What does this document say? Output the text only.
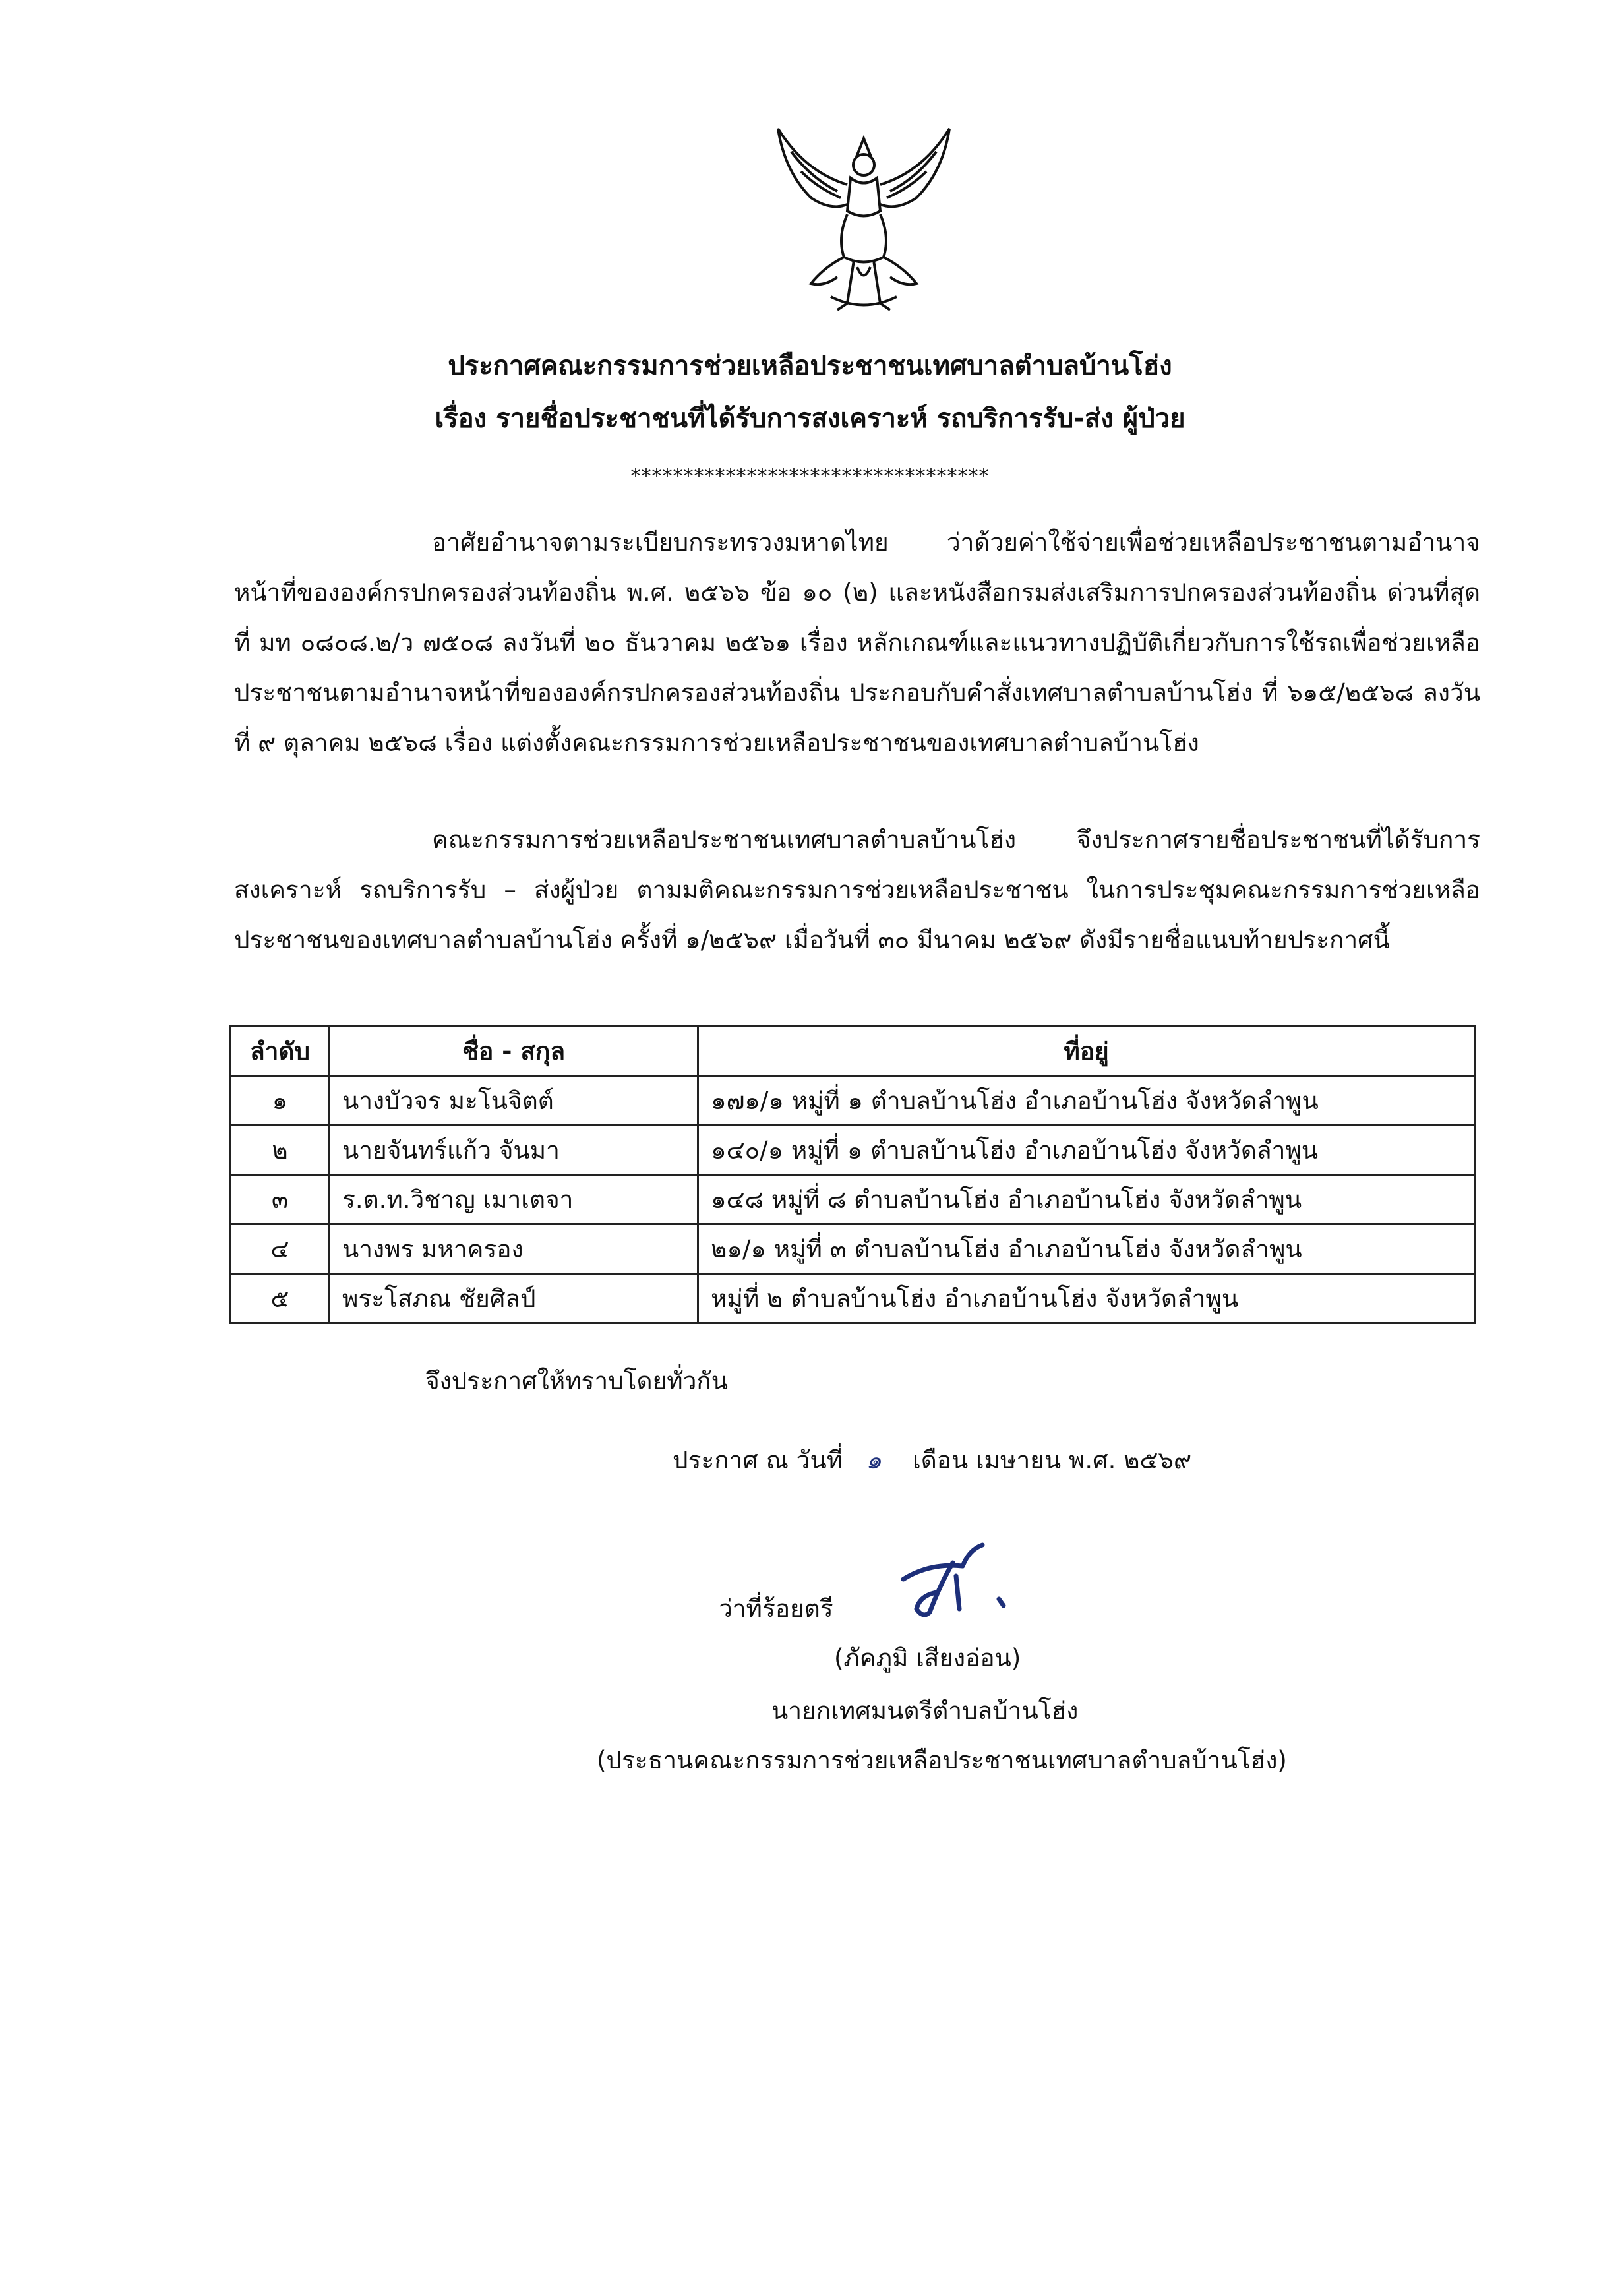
ประกาศคณะกรรมการช่วยเหลือประชาชนเทศบาลตำบลบ้านโฮ่ง
เรื่อง รายชื่อประชาชนที่ได้รับการสงเคราะห์ รถบริการรับ-ส่ง ผู้ป่วย
**********************************

อาศัยอำนาจตามระเบียบกระทรวงมหาดไทย ว่าด้วยค่าใช้จ่ายเพื่อช่วยเหลือประชาชนตามอำนาจหน้าที่ขององค์กรปกครองส่วนท้องถิ่น พ.ศ. ๒๕๖๖ ข้อ ๑๐ (๒) และหนังสือกรมส่งเสริมการปกครองส่วนท้องถิ่น ด่วนที่สุด ที่ มท ๐๘๐๘.๒/ว ๗๕๐๘ ลงวันที่ ๒๐ ธันวาคม ๒๕๖๑ เรื่อง หลักเกณฑ์และแนวทางปฏิบัติเกี่ยวกับการใช้รถเพื่อช่วยเหลือประชาชนตามอำนาจหน้าที่ขององค์กรปกครองส่วนท้องถิ่น ประกอบกับคำสั่งเทศบาลตำบลบ้านโฮ่ง ที่ ๖๑๕/๒๕๖๘ ลงวันที่ ๙ ตุลาคม ๒๕๖๘ เรื่อง แต่งตั้งคณะกรรมการช่วยเหลือประชาชนของเทศบาลตำบลบ้านโฮ่ง

คณะกรรมการช่วยเหลือประชาชนเทศบาลตำบลบ้านโฮ่ง จึงประกาศรายชื่อประชาชนที่ได้รับการสงเคราะห์ รถบริการรับ – ส่งผู้ป่วย ตามมติคณะกรรมการช่วยเหลือประชาชน ในการประชุมคณะกรรมการช่วยเหลือประชาชนของเทศบาลตำบลบ้านโฮ่ง ครั้งที่ ๑/๒๕๖๙ เมื่อวันที่ ๓๐ มีนาคม ๒๕๖๙ ดังมีรายชื่อแนบท้ายประกาศนี้

ลำดับ	ชื่อ - สกุล	ที่อยู่
๑	นางบัวจร มะโนจิตต์	๑๗๑/๑ หมู่ที่ ๑ ตำบลบ้านโฮ่ง อำเภอบ้านโฮ่ง จังหวัดลำพูน
๒	นายจันทร์แก้ว จันมา	๑๔๐/๑ หมู่ที่ ๑ ตำบลบ้านโฮ่ง อำเภอบ้านโฮ่ง จังหวัดลำพูน
๓	ร.ต.ท.วิชาญ เมาเตจา	๑๔๘ หมู่ที่ ๘ ตำบลบ้านโฮ่ง อำเภอบ้านโฮ่ง จังหวัดลำพูน
๔	นางพร มหาครอง	๒๑/๑ หมู่ที่ ๓ ตำบลบ้านโฮ่ง อำเภอบ้านโฮ่ง จังหวัดลำพูน
๕	พระโสภณ ชัยศิลป์	หมู่ที่ ๒ ตำบลบ้านโฮ่ง อำเภอบ้านโฮ่ง จังหวัดลำพูน
จึงประกาศให้ทราบโดยทั่วกัน
ประกาศ ณ วันที่ ๑ เดือน เมษายน พ.ศ. ๒๕๖๙
ว่าที่ร้อยตรี
(ภัคภูมิ เสียงอ่อน)
นายกเทศมนตรีตำบลบ้านโฮ่ง
(ประธานคณะกรรมการช่วยเหลือประชาชนเทศบาลตำบลบ้านโฮ่ง)
